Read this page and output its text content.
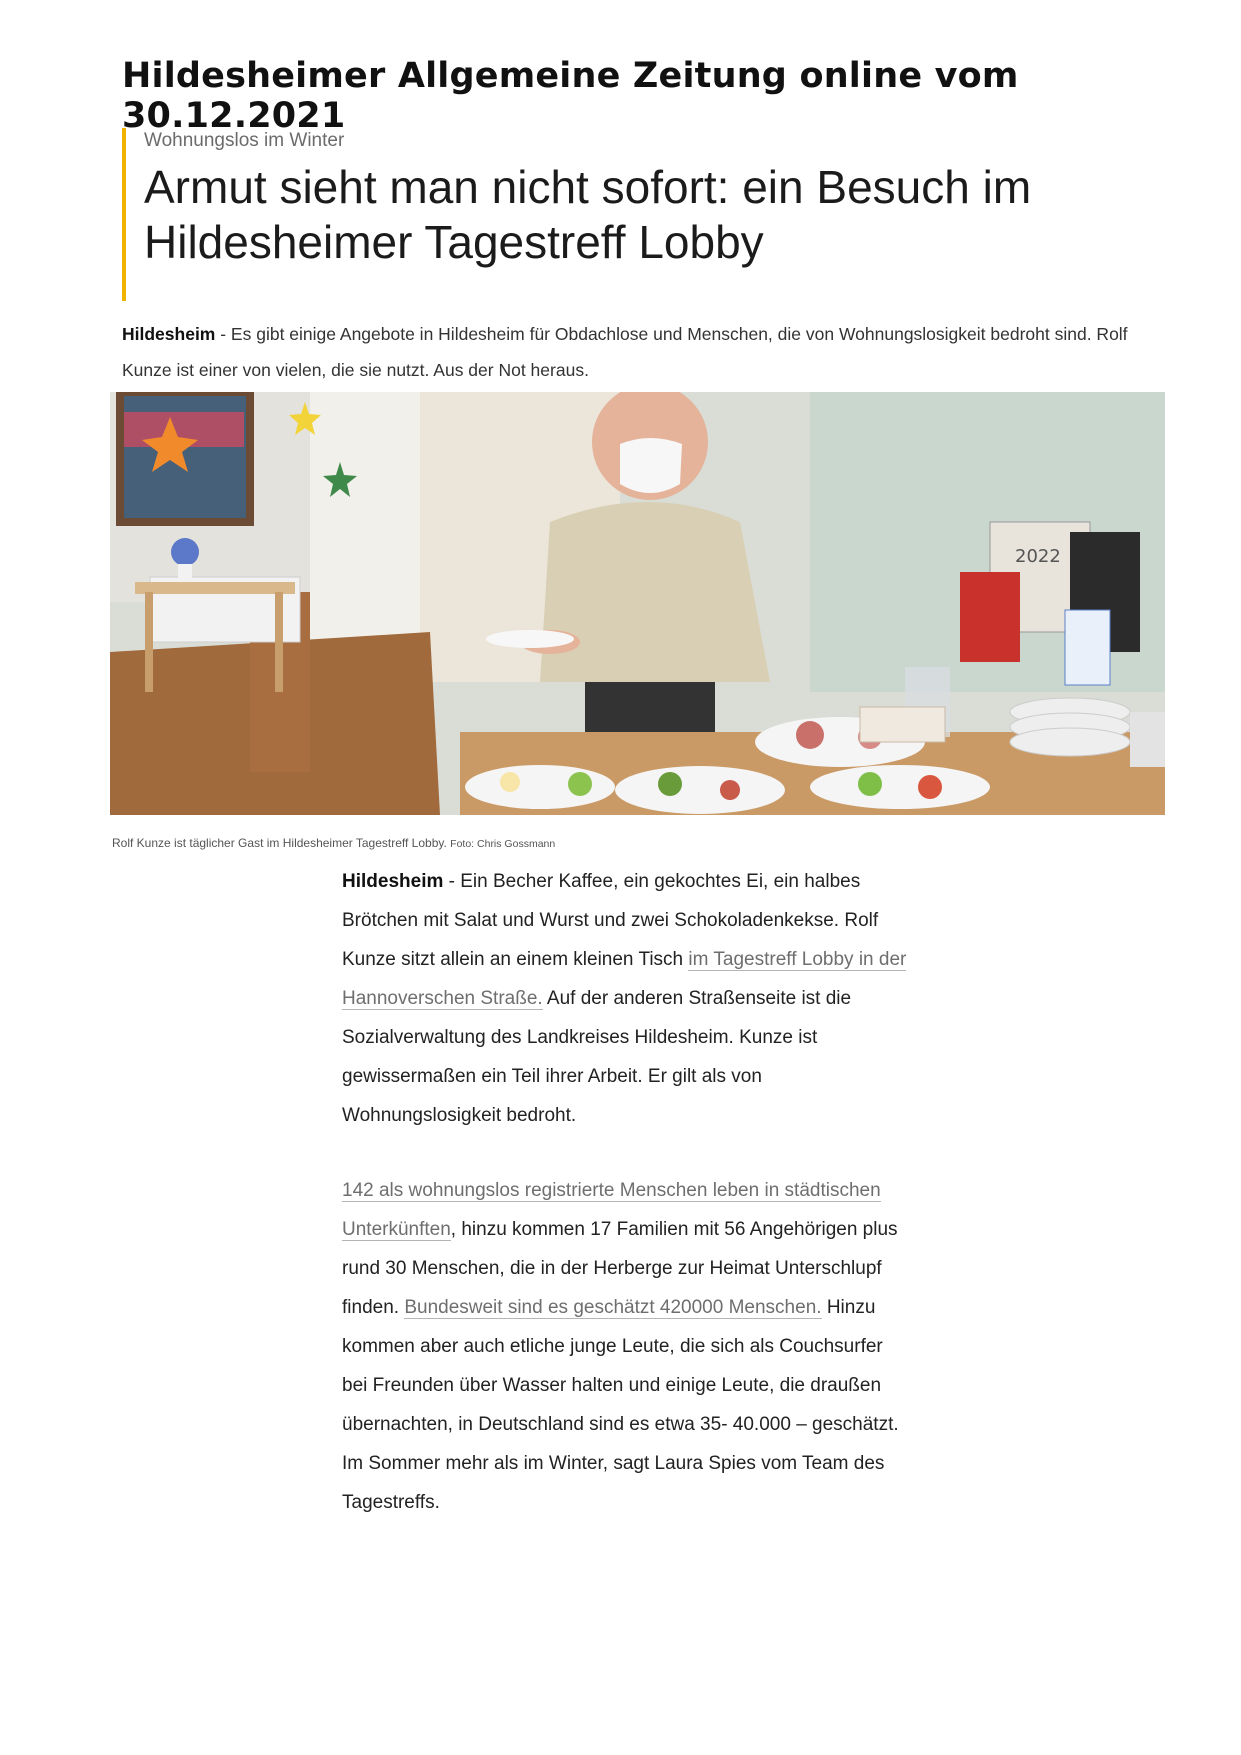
Hildesheimer Allgemeine Zeitung online vom 30.12.2021
Wohnungslos im Winter
Armut sieht man nicht sofort: ein Besuch im Hildesheimer Tagestreff Lobby
Hildesheim - Es gibt einige Angebote in Hildesheim für Obdachlose und Menschen, die von Wohnungslosigkeit bedroht sind. Rolf Kunze ist einer von vielen, die sie nutzt. Aus der Not heraus.
2022
Rolf Kunze ist täglicher Gast im Hildesheimer Tagestreff Lobby. Foto: Chris Gossmann

Hildesheim - Ein Becher Kaffee, ein gekochtes Ei, ein halbes Brötchen mit Salat und Wurst und zwei Schokoladenkekse. Rolf Kunze sitzt allein an einem kleinen Tisch im Tagestreff Lobby in der Hannoverschen Straße. Auf der anderen Straßenseite ist die Sozialverwaltung des Landkreises Hildesheim. Kunze ist gewissermaßen ein Teil ihrer Arbeit. Er gilt als von Wohnungslosigkeit bedroht.

142 als wohnungslos registrierte Menschen leben in städtischen Unterkünften, hinzu kommen 17 Familien mit 56 Angehörigen plus rund 30 Menschen, die in der Herberge zur Heimat Unterschlupf finden. Bundesweit sind es geschätzt 420000 Menschen. Hinzu kommen aber auch etliche junge Leute, die sich als Couchsurfer bei Freunden über Wasser halten und einige Leute, die draußen übernachten, in Deutschland sind es etwa 35- 40.000 – geschätzt. Im Sommer mehr als im Winter, sagt Laura Spies vom Team des Tagestreffs.
